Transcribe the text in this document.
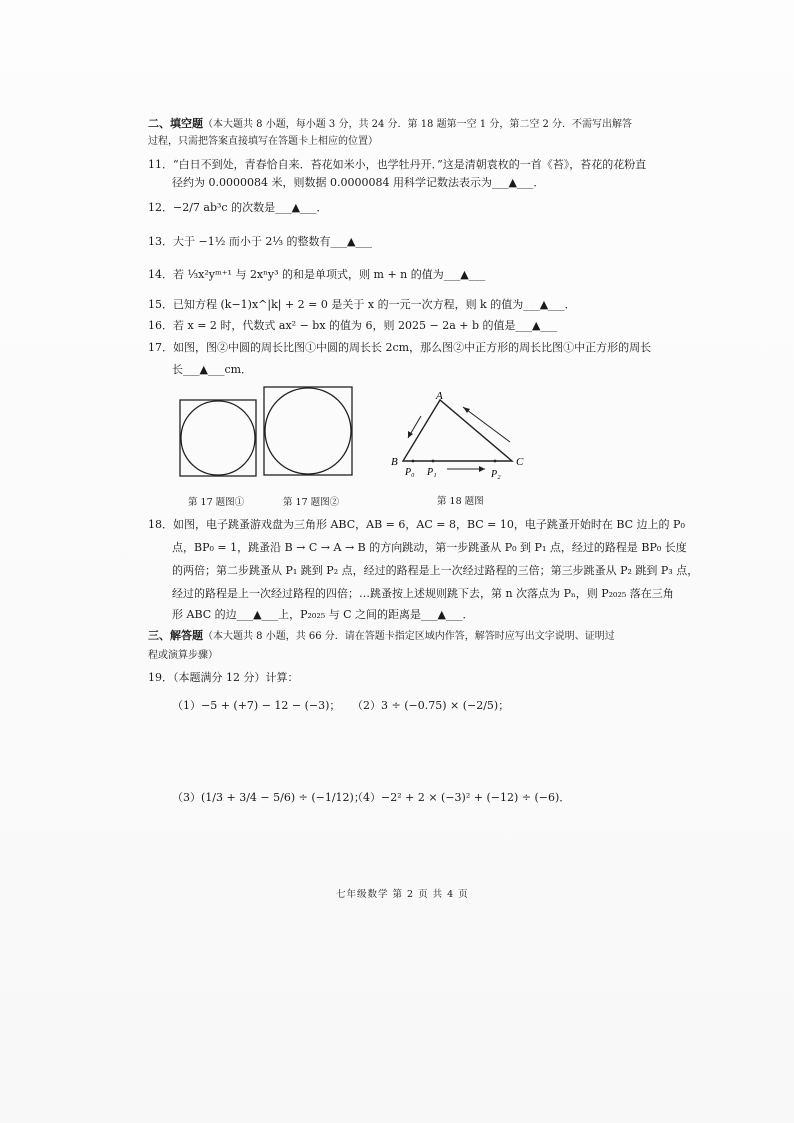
二、填空题（本大题共 8 小题，每小题 3 分，共 24 分．第 18 题第一空 1 分，第二空 2 分．不需写出解答
过程，只需把答案直接填写在答题卡上相应的位置）
11．“白日不到处，青春恰自来．苔花如米小，也学牡丹开．”这是清朝袁枚的一首《苔》，苔花的花粉直
径约为 0.0000084 米，则数据 0.0000084 用科学记数法表示为___▲___．
12．−2/7 ab³c 的次数是___▲___．
13．大于 −1½ 而小于 2⅓ 的整数有___▲___
14．若 ⅓x²yᵐ⁺¹ 与 2xⁿy³ 的和是单项式，则 m + n 的值为___▲___
15．已知方程 (k−1)x^|k| + 2 = 0 是关于 x 的一元一次方程，则 k 的值为___▲___．
16．若 x = 2 时，代数式 ax² − bx 的值为 6，则 2025 − 2a + b 的值是___▲___
17．如图，图②中圆的周长比图①中圆的周长长 2cm，那么图②中正方形的周长比图①中正方形的周长
长___▲___cm．
A
B	C
P₀ P₁	P₂
第 17 题图①	第 17 题图②	第 18 题图
18．如图，电子跳蚤游戏盘为三角形 ABC，AB = 6，AC = 8，BC = 10，电子跳蚤开始时在 BC 边上的 P₀
点，BP₀ = 1，跳蚤沿 B → C → A → B 的方向跳动，第一步跳蚤从 P₀ 到 P₁ 点，经过的路程是 BP₀ 长度
的两倍；第二步跳蚤从 P₁ 跳到 P₂ 点，经过的路程是上一次经过路程的三倍；第三步跳蚤从 P₂ 跳到 P₃ 点，
经过的路程是上一次经过路程的四倍；…跳蚤按上述规则跳下去，第 n 次落点为 Pₙ，则 P₂₀₂₅ 落在三角
形 ABC 的边___▲___上，P₂₀₂₅ 与 C 之间的距离是___▲___．
三、解答题（本大题共 8 小题，共 66 分．请在答题卡指定区域内作答，解答时应写出文字说明、证明过
程或演算步骤）
19．（本题满分 12 分）计算：
（1）−5 + (+7) − 12 − (−3)； （2）3 ÷ (−0.75) × (−2/5)；
（3）(1/3 + 3/4 − 5/6) ÷ (−1/12)；
（4）−2² + 2 × (−3)² + (−12) ÷ (−6)．
七年级数学 第 2 页 共 4 页
